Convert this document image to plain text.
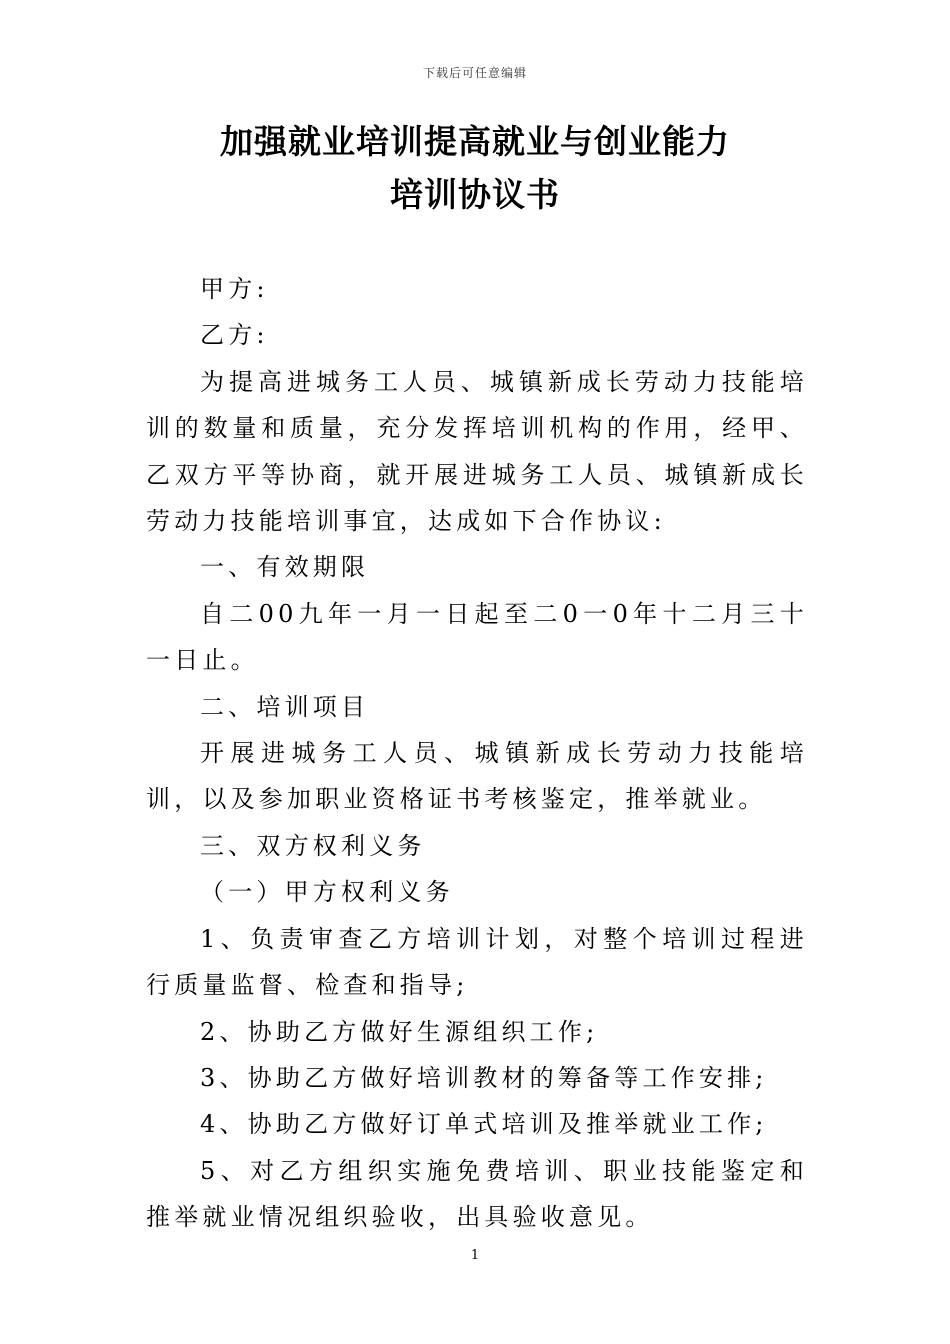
下载后可任意编辑
加强就业培训提高就业与创业能力
培训协议书

甲方:

乙方:

为提高进城务工人员、城镇新成长劳动力技能培训的数量和质量，充分发挥培训机构的作用，经甲、乙双方平等协商，就开展进城务工人员、城镇新成长劳动力技能培训事宜，达成如下合作协议:

一、有效期限

自二00九年一月一日起至二0一0年十二月三十一日止。

二、培训项目

开展进城务工人员、城镇新成长劳动力技能培训，以及参加职业资格证书考核鉴定，推举就业。

三、双方权利义务

（一）甲方权利义务

1、负责审查乙方培训计划，对整个培训过程进行质量监督、检查和指导;

2、协助乙方做好生源组织工作;

3、协助乙方做好培训教材的筹备等工作安排;

4、协助乙方做好订单式培训及推举就业工作;

5、对乙方组织实施免费培训、职业技能鉴定和推举就业情况组织验收，出具验收意见。

1
